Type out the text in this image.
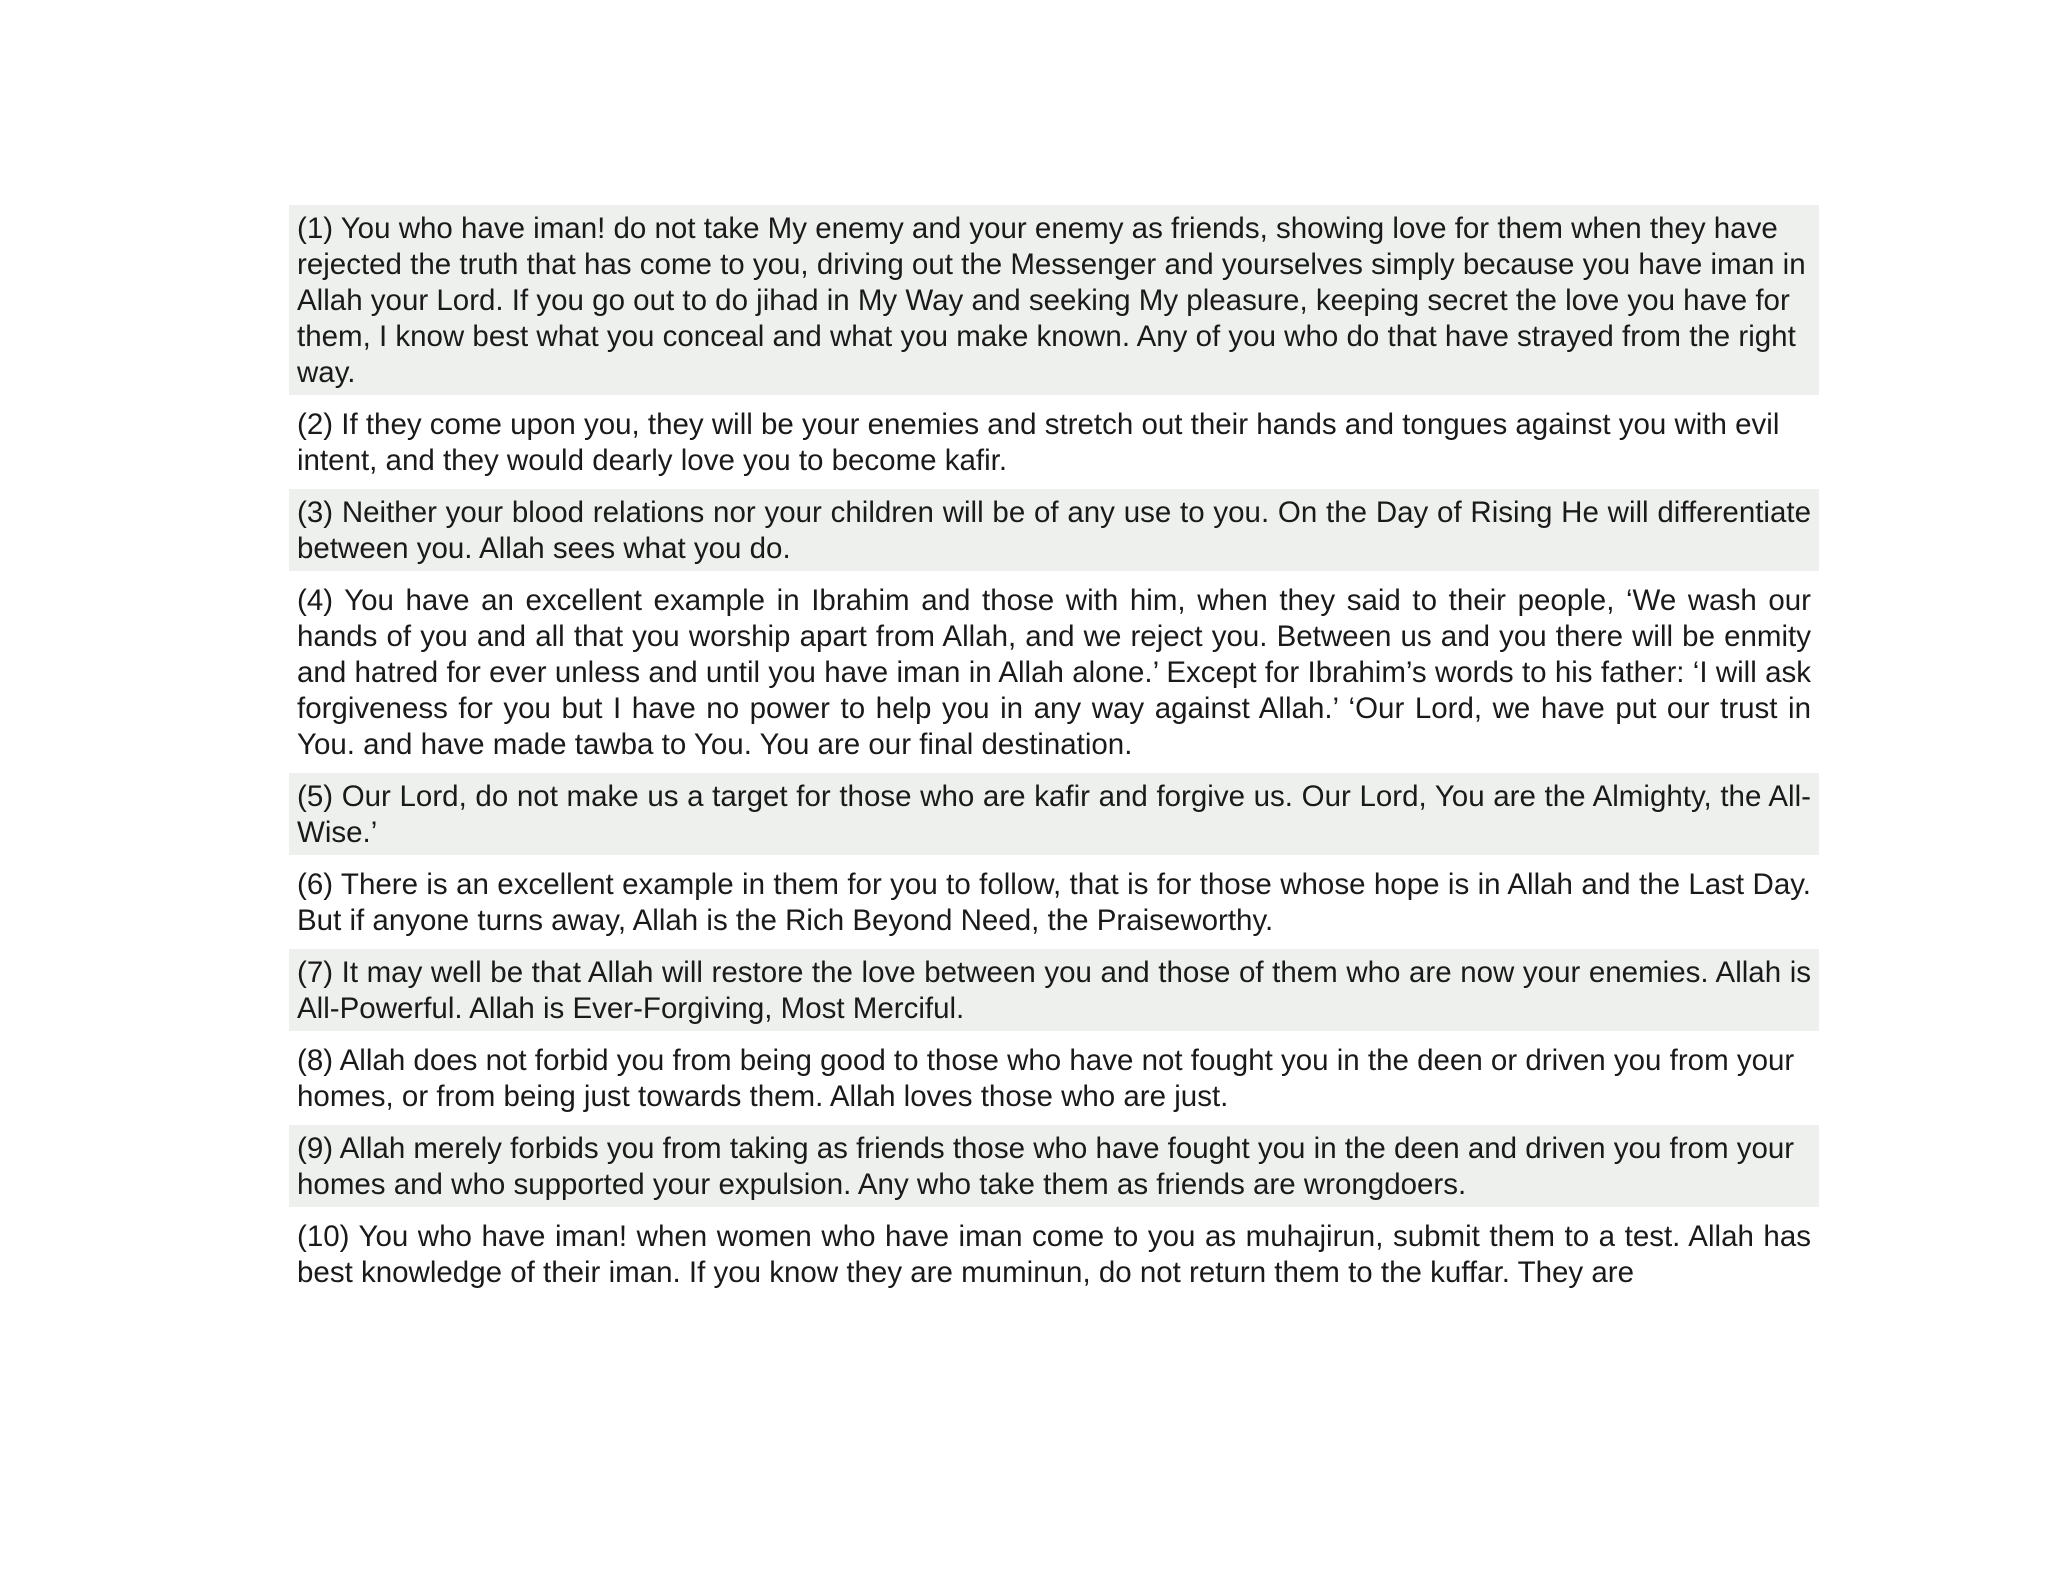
(1) You who have iman! do not take My enemy and your enemy as friends, showing love for them when they have rejected the truth that has come to you, driving out the Messenger and yourselves simply because you have iman in Allah your Lord. If you go out to do jihad in My Way and seeking My pleasure, keeping secret the love you have for them, I know best what you conceal and what you make known. Any of you who do that have strayed from the right way.
(2) If they come upon you, they will be your enemies and stretch out their hands and tongues against you with evil intent, and they would dearly love you to become kafir.
(3) Neither your blood relations nor your children will be of any use to you. On the Day of Rising He will differentiate between you. Allah sees what you do.
(4) You have an excellent example in Ibrahim and those with him, when they said to their people, ‘We wash our hands of you and all that you worship apart from Allah, and we reject you. Between us and you there will be enmity and hatred for ever unless and until you have iman in Allah alone.’ Except for Ibrahim’s words to his father: ‘I will ask forgiveness for you but I have no power to help you in any way against Allah.’ ‘Our Lord, we have put our trust in You. and have made tawba to You. You are our final destination.
(5) Our Lord, do not make us a target for those who are kafir and forgive us. Our Lord, You are the Almighty, the All-Wise.’
(6) There is an excellent example in them for you to follow, that is for those whose hope is in Allah and the Last Day. But if anyone turns away, Allah is the Rich Beyond Need, the Praiseworthy.
(7) It may well be that Allah will restore the love between you and those of them who are now your enemies. Allah is All-Powerful. Allah is Ever-Forgiving, Most Merciful.
(8) Allah does not forbid you from being good to those who have not fought you in the deen or driven you from your homes, or from being just towards them. Allah loves those who are just.
(9) Allah merely forbids you from taking as friends those who have fought you in the deen and driven you from your homes and who supported your expulsion. Any who take them as friends are wrongdoers.
(10) You who have iman! when women who have iman come to you as muhajirun, submit them to a test. Allah has best knowledge of their iman. If you know they are muminun, do not return them to the kuffar. They are
